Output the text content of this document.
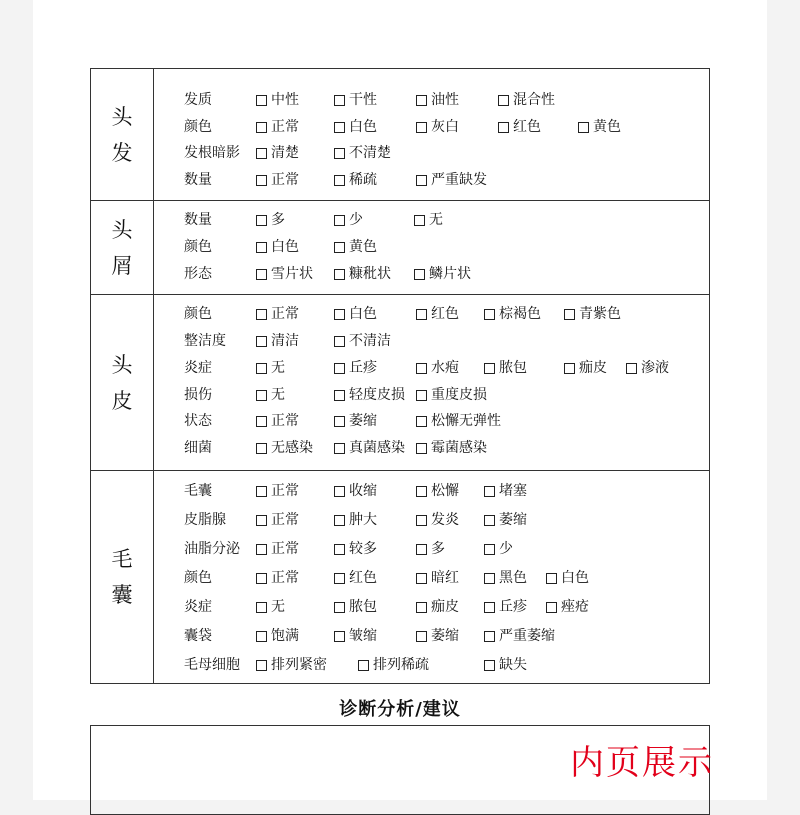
头
发
发质	中性	干性	油性	混合性
颜色	正常	白色	灰白	红色	黄色
发根暗影 清楚	不清楚
数量	正常	稀疏	严重缺发
头
屑
数量	多	少	无
颜色	白色	黄色
形态	雪片状	糠秕状	鳞片状
头
皮
颜色	正常	白色	红色	棕褐色	青紫色
整洁度	清洁	不清洁
炎症	无	丘疹	水疱	脓包	痂皮 渗液
损伤	无	轻度皮损 重度皮损
状态	正常	萎缩	松懈无弹性
细菌	无感染	真菌感染 霉菌感染
毛
囊
毛囊	正常	收缩	松懈	堵塞
皮脂腺	正常	肿大	发炎	萎缩
油脂分泌 正常	较多	多	少
颜色	正常	红色	暗红	黑色 白色
炎症	无	脓包	痂皮	丘疹 痤疮
囊袋	饱满	皱缩	萎缩	严重萎缩
毛母细胞 排列紧密	排列稀疏	缺失
诊断分析/建议
内页展示
